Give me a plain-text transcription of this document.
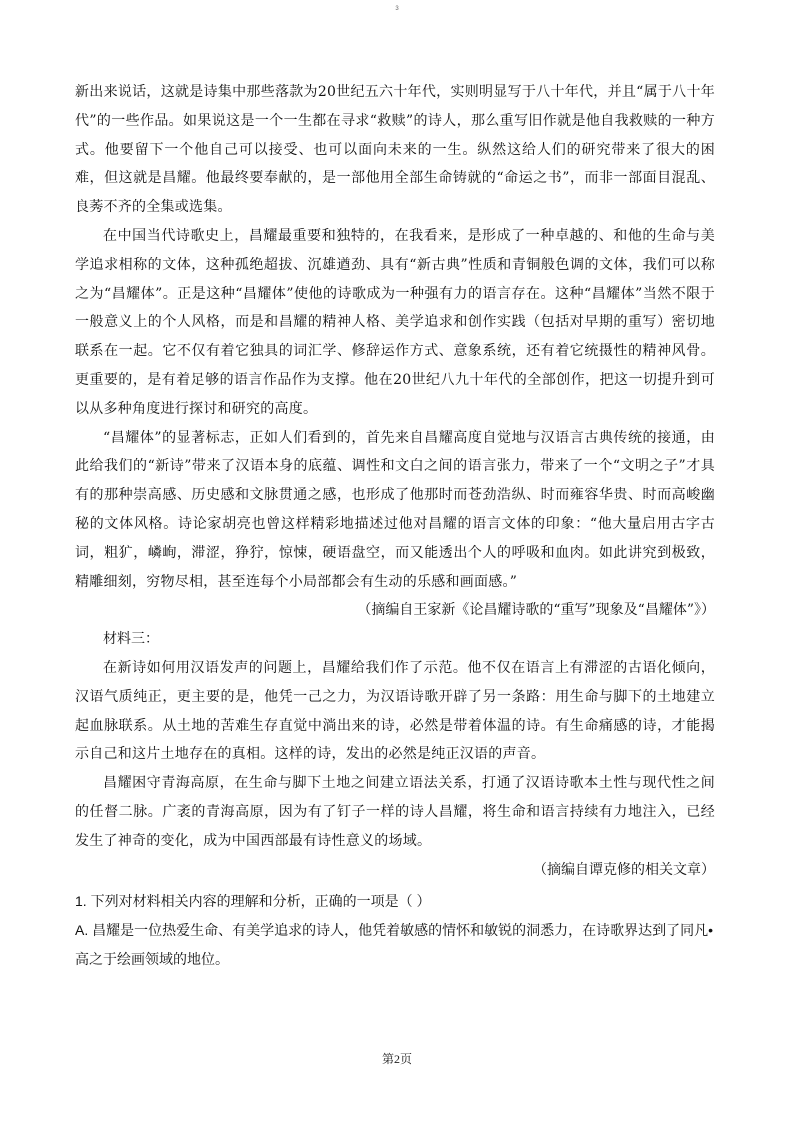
3

新出来说话，这就是诗集中那些落款为20世纪五六十年代，实则明显写于八十年代，并且“属于八十年代”的一些作品。如果说这是一个一生都在寻求“救赎”的诗人，那么重写旧作就是他自我救赎的一种方式。他要留下一个他自己可以接受、也可以面向未来的一生。纵然这给人们的研究带来了很大的困难，但这就是昌耀。他最终要奉献的，是一部他用全部生命铸就的“命运之书”，而非一部面目混乱、良莠不齐的全集或选集。

在中国当代诗歌史上，昌耀最重要和独特的，在我看来，是形成了一种卓越的、和他的生命与美学追求相称的文体，这种孤绝超拔、沉雄遒劲、具有“新古典”性质和青铜般色调的文体，我们可以称之为“昌耀体”。正是这种“昌耀体”使他的诗歌成为一种强有力的语言存在。这种“昌耀体”当然不限于一般意义上的个人风格，而是和昌耀的精神人格、美学追求和创作实践（包括对早期的重写）密切地联系在一起。它不仅有着它独具的词汇学、修辞运作方式、意象系统，还有着它统摄性的精神风骨。更重要的，是有着足够的语言作品作为支撑。他在20世纪八九十年代的全部创作，把这一切提升到可以从多种角度进行探讨和研究的高度。

“昌耀体”的显著标志，正如人们看到的，首先来自昌耀高度自觉地与汉语言古典传统的接通，由此给我们的“新诗”带来了汉语本身的底蕴、调性和文白之间的语言张力，带来了一个“文明之子”才具有的那种崇高感、历史感和文脉贯通之感，也形成了他那时而苍劲浩纵、时而雍容华贵、时而高峻幽秘的文体风格。诗论家胡亮也曾这样精彩地描述过他对昌耀的语言文体的印象：“他大量启用古字古词，粗犷，嶙峋，滞涩，狰狞，惊悚，硬语盘空，而又能透出个人的呼吸和血肉。如此讲究到极致，精雕细刻，穷物尽相，甚至连每个小局部都会有生动的乐感和画面感。”

（摘编自王家新《论昌耀诗歌的“重写”现象及“昌耀体”》）

材料三：

在新诗如何用汉语发声的问题上，昌耀给我们作了示范。他不仅在语言上有滞涩的古语化倾向，汉语气质纯正，更主要的是，他凭一己之力，为汉语诗歌开辟了另一条路：用生命与脚下的土地建立起血脉联系。从土地的苦难生存直觉中淌出来的诗，必然是带着体温的诗。有生命痛感的诗，才能揭示自己和这片土地存在的真相。这样的诗，发出的必然是纯正汉语的声音。

昌耀困守青海高原，在生命与脚下土地之间建立语法关系，打通了汉语诗歌本土性与现代性之间的任督二脉。广袤的青海高原，因为有了钉子一样的诗人昌耀，将生命和语言持续有力地注入，已经发生了神奇的变化，成为中国西部最有诗性意义的场域。

（摘编自谭克修的相关文章）

1. 下列对材料相关内容的理解和分析，正确的一项是（ ）

A. 昌耀是一位热爱生命、有美学追求的诗人，他凭着敏感的情怀和敏锐的洞悉力，在诗歌界达到了同凡•高之于绘画领域的地位。

第2页
